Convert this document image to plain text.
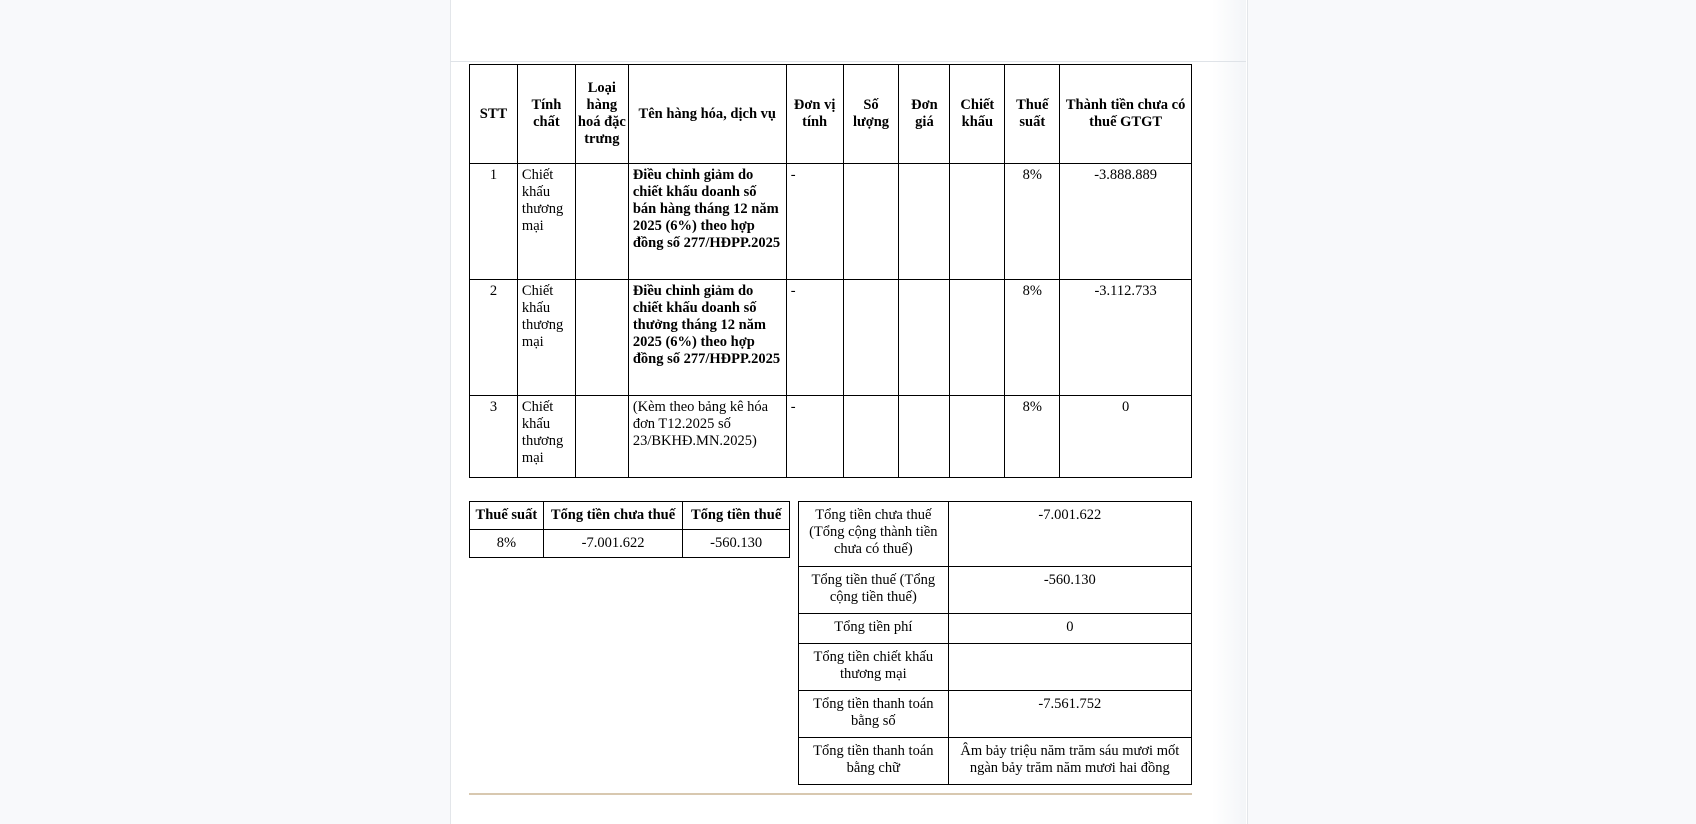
STT	Tính chất	Loại hàng hoá đặc trưng	Tên hàng hóa, dịch vụ	Đơn vị tính	Số lượng	Đơn giá	Chiết khấu	Thuế suất	Thành tiền chưa có thuế GTGT
1	Chiết khấu thương mại		Điều chỉnh giảm do chiết khấu doanh số bán hàng tháng 12 năm 2025 (6%) theo hợp đồng số 277/HĐPP.2025	-				8%	-3.888.889
2	Chiết khấu thương mại		Điều chỉnh giảm do chiết khấu doanh số thưởng tháng 12 năm 2025 (6%) theo hợp đồng số 277/HĐPP.2025	-				8%	-3.112.733
3	Chiết khấu thương mại		(Kèm theo bảng kê hóa đơn T12.2025 số 23/BKHĐ.MN.2025)	-				8%	0
Thuế suất	Tổng tiền chưa thuế	Tổng tiền thuế
8%	-7.001.622	-560.130
Tổng tiền chưa thuế (Tổng cộng thành tiền chưa có thuế)	-7.001.622
Tổng tiền thuế (Tổng cộng tiền thuế)	-560.130
Tổng tiền phí	0
Tổng tiền chiết khấu thương mại	
Tổng tiền thanh toán bằng số	-7.561.752
Tổng tiền thanh toán bằng chữ	Âm bảy triệu năm trăm sáu mươi mốt ngàn bảy trăm năm mươi hai đồng
